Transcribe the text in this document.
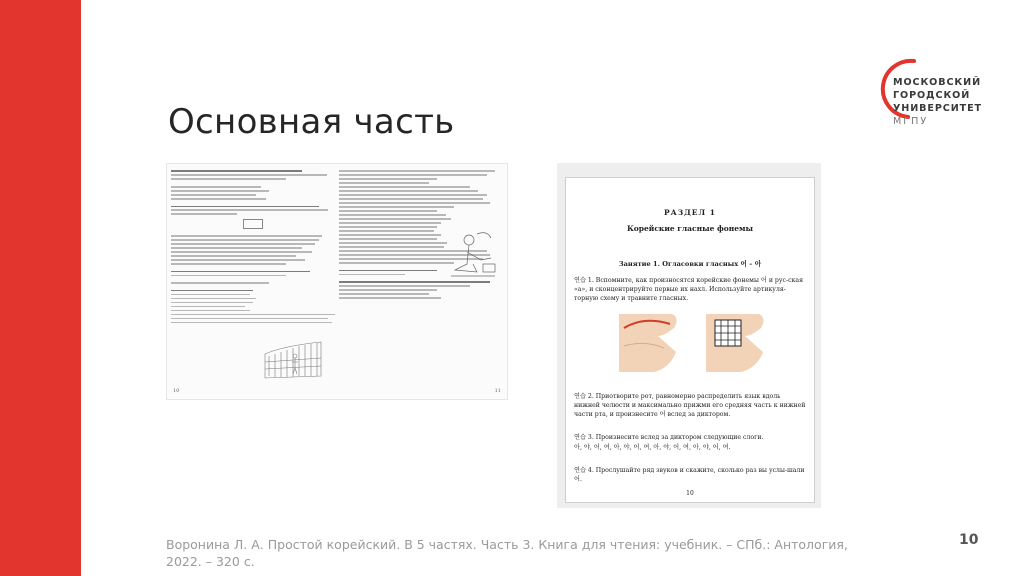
Основная часть
МОСКОВСКИЙ
ГОРОДСКОЙ
УНИВЕРСИТЕТ
МГПУ
10	11
РАЗДЕЛ 1
Корейские гласные фонемы
Занятие 1. Огласовки гласных 어 – 아
연습 1. Вспомните, как произносятся корейские фонемы 어 и рус-ская «а», и сконцентрируйте первые их нахл. Используйте артикуля-торную схему и травните гласных.
연습 2. Приотворите рот, равномерно распределить язык вдоль нижней челюсти и максимально прижми его средняя часть к нижней части рта, и произнесите 어 вслед за диктором.
연습 3. Произнесите вслед за диктором следующие слоги.
아, 야, 어, 여, 아, 야, 어, 여, 아, 야, 어, 여, 아, 야, 어, 여.
연습 4. Прослушайте ряд звуков и скажите, сколько раз вы услы-шали 어.
10
Воронина Л. А. Простой корейский. В 5 частях. Часть 3. Книга для чтения: учебник. – СПб.: Антология, 2022. – 320 с.
10
